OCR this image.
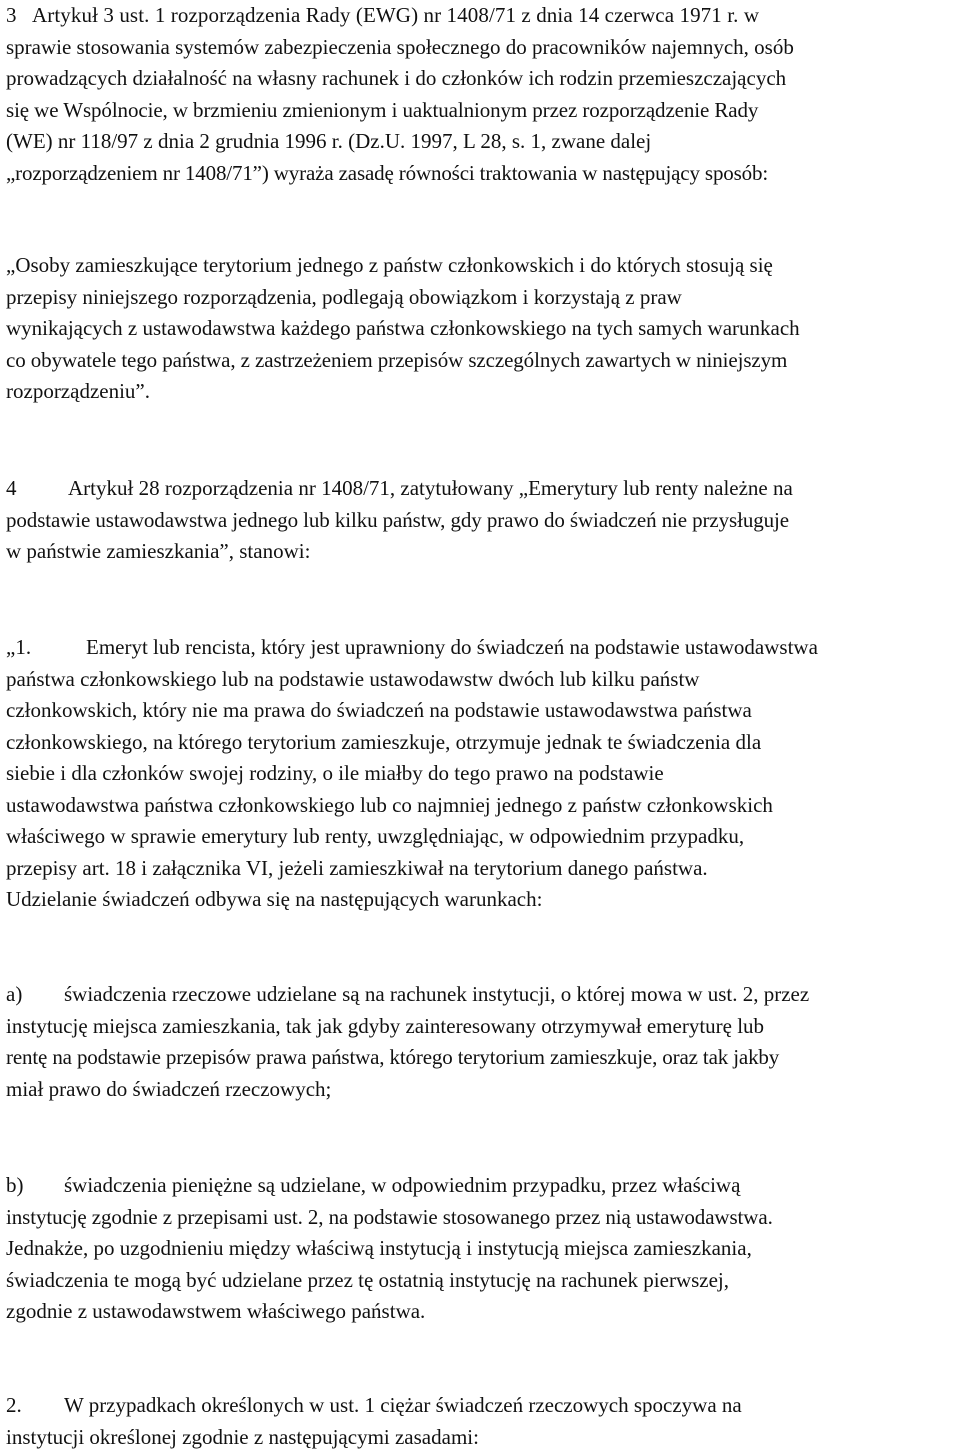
3 Artykuł 3 ust. 1 rozporządzenia Rady (EWG) nr 1408/71 z dnia 14 czerwca 1971 r. w
sprawie stosowania systemów zabezpieczenia społecznego do pracowników najemnych, osób
prowadzących działalność na własny rachunek i do członków ich rodzin przemieszczających
się we Wspólnocie, w brzmieniu zmienionym i uaktualnionym przez rozporządzenie Rady
(WE) nr 118/97 z dnia 2 grudnia 1996 r. (Dz.U. 1997, L 28, s. 1, zwane dalej
„rozporządzeniem nr 1408/71”) wyraża zasadę równości traktowania w następujący sposób:
„Osoby zamieszkujące terytorium jednego z państw członkowskich i do których stosują się
przepisy niniejszego rozporządzenia, podlegają obowiązkom i korzystają z praw
wynikających z ustawodawstwa każdego państwa członkowskiego na tych samych warunkach
co obywatele tego państwa, z zastrzeżeniem przepisów szczególnych zawartych w niniejszym
rozporządzeniu”.
4 Artykuł 28 rozporządzenia nr 1408/71, zatytułowany „Emerytury lub renty należne na
podstawie ustawodawstwa jednego lub kilku państw, gdy prawo do świadczeń nie przysługuje
w państwie zamieszkania”, stanowi:
„1.	Emeryt lub rencista, który jest uprawniony do świadczeń na podstawie ustawodawstwa
państwa członkowskiego lub na podstawie ustawodawstw dwóch lub kilku państw
członkowskich, który nie ma prawa do świadczeń na podstawie ustawodawstwa państwa
członkowskiego, na którego terytorium zamieszkuje, otrzymuje jednak te świadczenia dla
siebie i dla członków swojej rodziny, o ile miałby do tego prawo na podstawie
ustawodawstwa państwa członkowskiego lub co najmniej jednego z państw członkowskich
właściwego w sprawie emerytury lub renty, uwzględniając, w odpowiednim przypadku,
przepisy art. 18 i załącznika VI, jeżeli zamieszkiwał na terytorium danego państwa.
Udzielanie świadczeń odbywa się na następujących warunkach:
a) świadczenia rzeczowe udzielane są na rachunek instytucji, o której mowa w ust. 2, przez
instytucję miejsca zamieszkania, tak jak gdyby zainteresowany otrzymywał emeryturę lub
rentę na podstawie przepisów prawa państwa, którego terytorium zamieszkuje, oraz tak jakby
miał prawo do świadczeń rzeczowych;
b) świadczenia pieniężne są udzielane, w odpowiednim przypadku, przez właściwą
instytucję zgodnie z przepisami ust. 2, na podstawie stosowanego przez nią ustawodawstwa.
Jednakże, po uzgodnieniu między właściwą instytucją i instytucją miejsca zamieszkania,
świadczenia te mogą być udzielane przez tę ostatnią instytucję na rachunek pierwszej,
zgodnie z ustawodawstwem właściwego państwa.
2. W przypadkach określonych w ust. 1 ciężar świadczeń rzeczowych spoczywa na
instytucji określonej zgodnie z następującymi zasadami:
